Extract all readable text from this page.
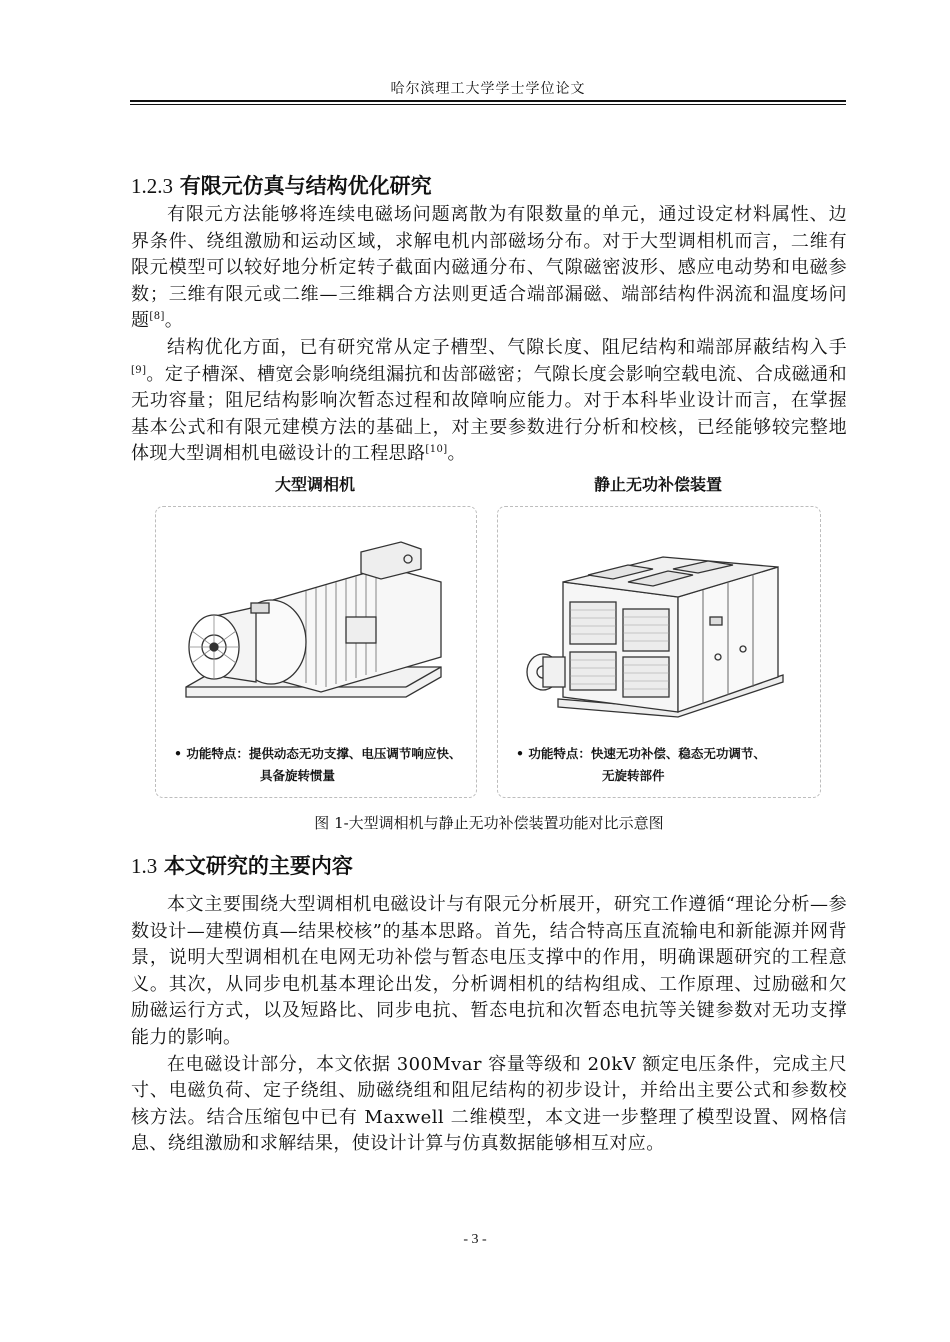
哈尔滨理工大学学士学位论文
1.2.3 有限元仿真与结构优化研究

有限元方法能够将连续电磁场问题离散为有限数量的单元，通过设定材料属性、边界条件、绕组激励和运动区域，求解电机内部磁场分布。对于大型调相机而言，二维有限元模型可以较好地分析定转子截面内磁通分布、气隙磁密波形、感应电动势和电磁参数；三维有限元或二维—三维耦合方法则更适合端部漏磁、端部结构件涡流和温度场问题[8]。

结构优化方面，已有研究常从定子槽型、气隙长度、阻尼结构和端部屏蔽结构入手[9]。定子槽深、槽宽会影响绕组漏抗和齿部磁密；气隙长度会影响空载电流、合成磁通和无功容量；阻尼结构影响次暂态过程和故障响应能力。对于本科毕业设计而言，在掌握基本公式和有限元建模方法的基础上，对主要参数进行分析和校核，已经能够较完整地体现大型调相机电磁设计的工程思路[10]。

大型调相机	静止无功补偿装置
• 功能特点：提供动态无功支撑、电压调节响应快、
具备旋转惯量
• 功能特点：快速无功补偿、稳态无功调节、
无旋转部件
图 1-大型调相机与静止无功补偿装置功能对比示意图
1.3 本文研究的主要内容

本文主要围绕大型调相机电磁设计与有限元分析展开，研究工作遵循“理论分析—参数设计—建模仿真—结果校核”的基本思路。首先，结合特高压直流输电和新能源并网背景，说明大型调相机在电网无功补偿与暂态电压支撑中的作用，明确课题研究的工程意义。其次，从同步电机基本理论出发，分析调相机的结构组成、工作原理、过励磁和欠励磁运行方式，以及短路比、同步电抗、暂态电抗和次暂态电抗等关键参数对无功支撑能力的影响。

在电磁设计部分，本文依据 300Mvar 容量等级和 20kV 额定电压条件，完成主尺寸、电磁负荷、定子绕组、励磁绕组和阻尼结构的初步设计，并给出主要公式和参数校核方法。结合压缩包中已有 Maxwell 二维模型，本文进一步整理了模型设置、网格信息、绕组激励和求解结果，使设计计算与仿真数据能够相互对应。

- 3 -
